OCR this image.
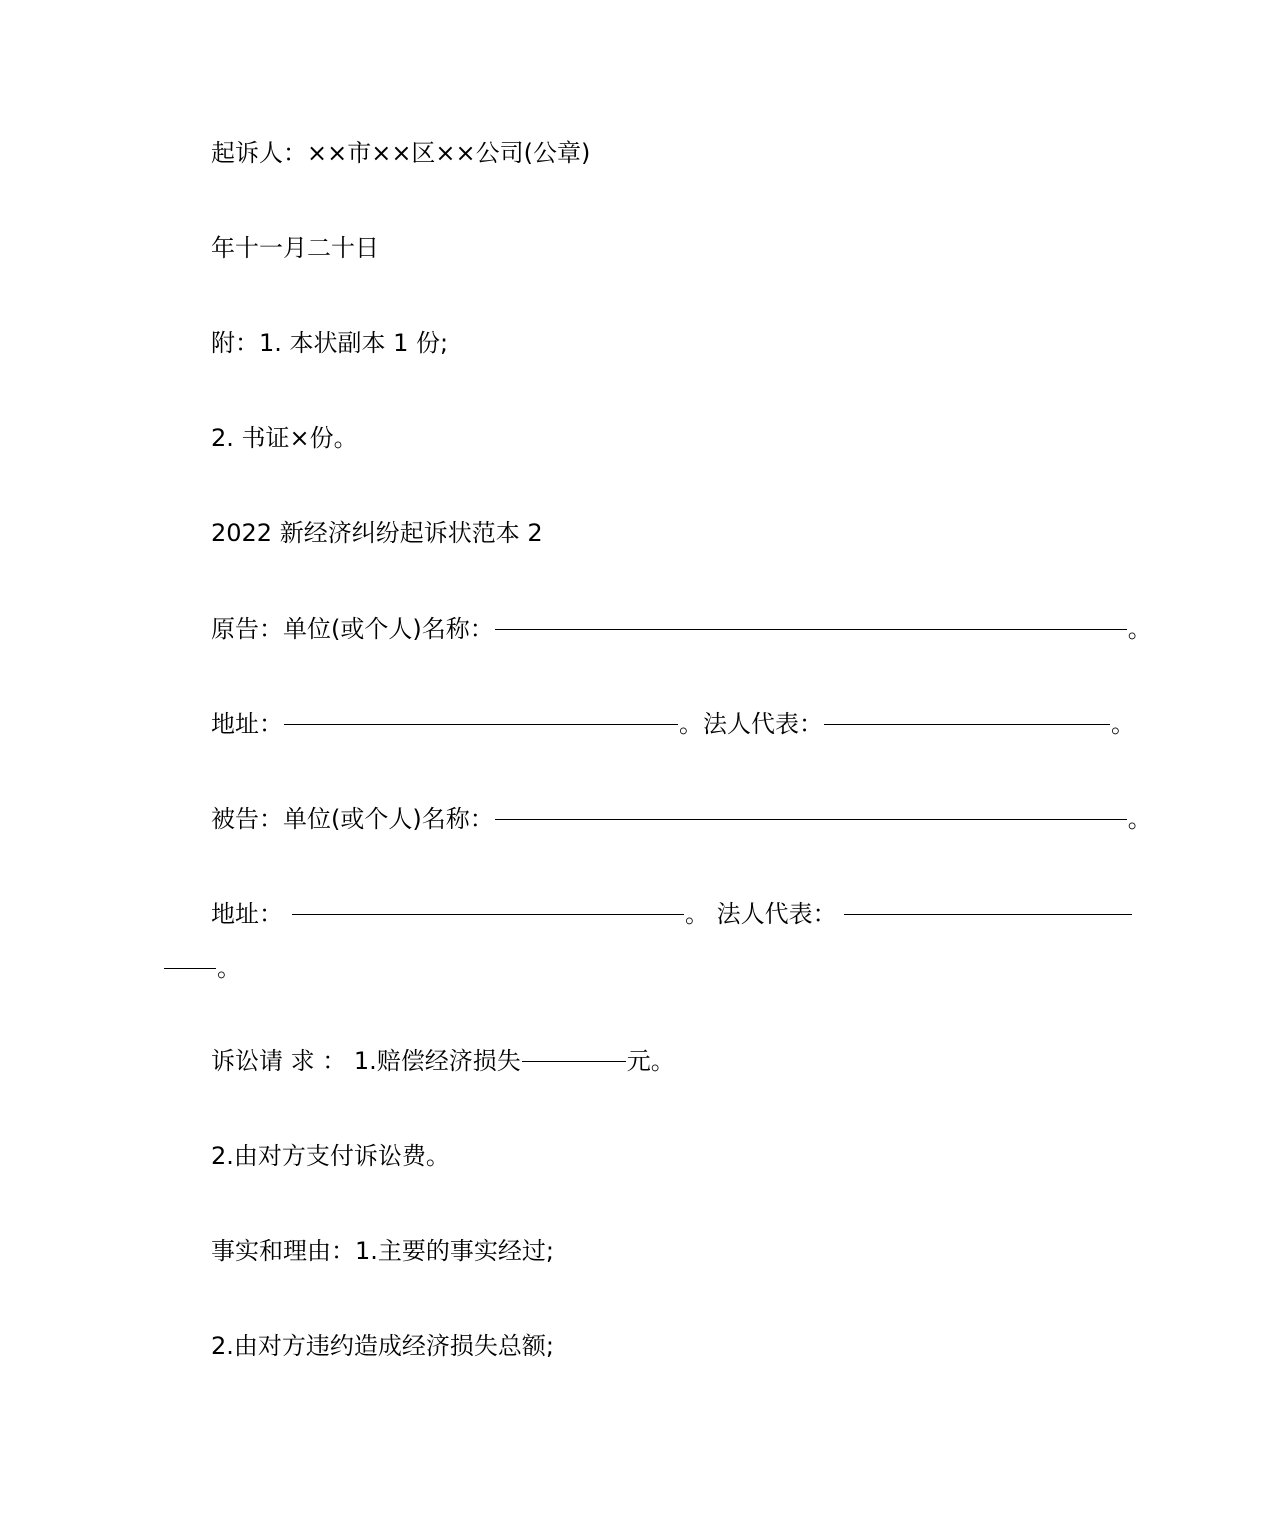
起诉人：××市××区××公司(公章)
年十一月二十日
附：1. 本状副本 1 份;
2. 书证×份。
2022 新经济纠纷起诉状范本 2
原告：单位(或个人)名称：	。
地址：	。法人代表：	。
被告：单位(或个人)名称：	。
地址：	。 法人代表：
。
诉讼请 求 ： 1.赔偿经济损失	元。
2.由对方支付诉讼费。
事实和理由：1.主要的事实经过;
2.由对方违约造成经济损失总额;
